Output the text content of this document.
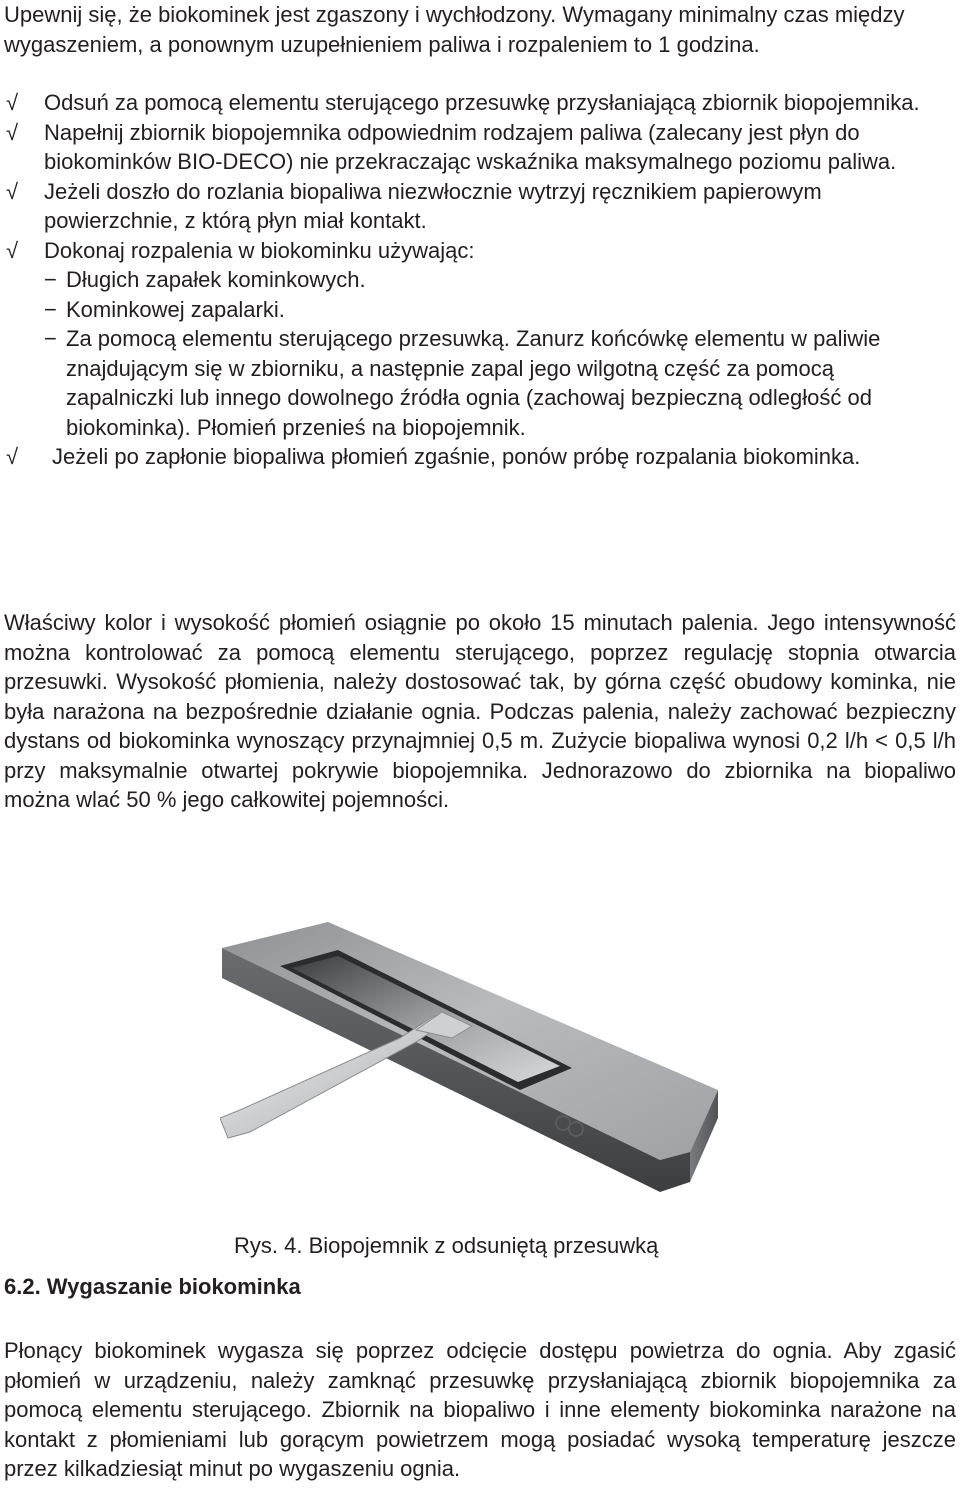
Upewnij się, że biokominek jest zgaszony i wychłodzony. Wymagany minimalny czas między wygaszeniem, a ponownym uzupełnieniem paliwa i rozpaleniem to 1 godzina.
√ Odsuń za pomocą elementu sterującego przesuwkę przysłaniającą zbiornik biopojemnika.
√ Napełnij zbiornik biopojemnika odpowiednim rodzajem paliwa (zalecany jest płyn do biokominków BIO-DECO) nie przekraczając wskaźnika maksymalnego poziomu paliwa.
√ Jeżeli doszło do rozlania biopaliwa niezwłocznie wytrzyj ręcznikiem papierowym powierzchnie, z którą płyn miał kontakt.
√ Dokonaj rozpalenia w biokominku używając:
− Długich zapałek kominkowych.
− Kominkowej zapalarki.
− Za pomocą elementu sterującego przesuwką. Zanurz końcówkę elementu w paliwie znajdującym się w zbiorniku, a następnie zapal jego wilgotną część za pomocą zapalniczki lub innego dowolnego źródła ognia (zachowaj bezpieczną odległość od biokominka). Płomień przenieś na biopojemnik.
√ Jeżeli po zapłonie biopaliwa płomień zgaśnie, ponów próbę rozpalania biokominka.
Właściwy kolor i wysokość płomień osiągnie po około 15 minutach palenia. Jego intensywność można kontrolować za pomocą elementu sterującego, poprzez regulację stopnia otwarcia przesuwki. Wysokość płomienia, należy dostosować tak, by górna część obudowy kominka, nie była narażona na bezpośrednie działanie ognia. Podczas palenia, należy zachować bezpieczny dystans od biokominka wynoszący przynajmniej 0,5 m. Zużycie biopaliwa wynosi 0,2 l/h < 0,5 l/h przy maksymalnie otwartej pokrywie biopojemnika. Jednorazowo do zbiornika na biopaliwo można wlać 50 % jego całkowitej pojemności.
Rys. 4. Biopojemnik z odsuniętą przesuwką
6.2. Wygaszanie biokominka
Płonący biokominek wygasza się poprzez odcięcie dostępu powietrza do ognia. Aby zgasić płomień w urządzeniu, należy zamknąć przesuwkę przysłaniającą zbiornik biopojemnika za pomocą elementu sterującego. Zbiornik na biopaliwo i inne elementy biokominka narażone na kontakt z płomieniami lub gorącym powietrzem mogą posiadać wysoką temperaturę jeszcze przez kilkadziesiąt minut po wygaszeniu ognia.
